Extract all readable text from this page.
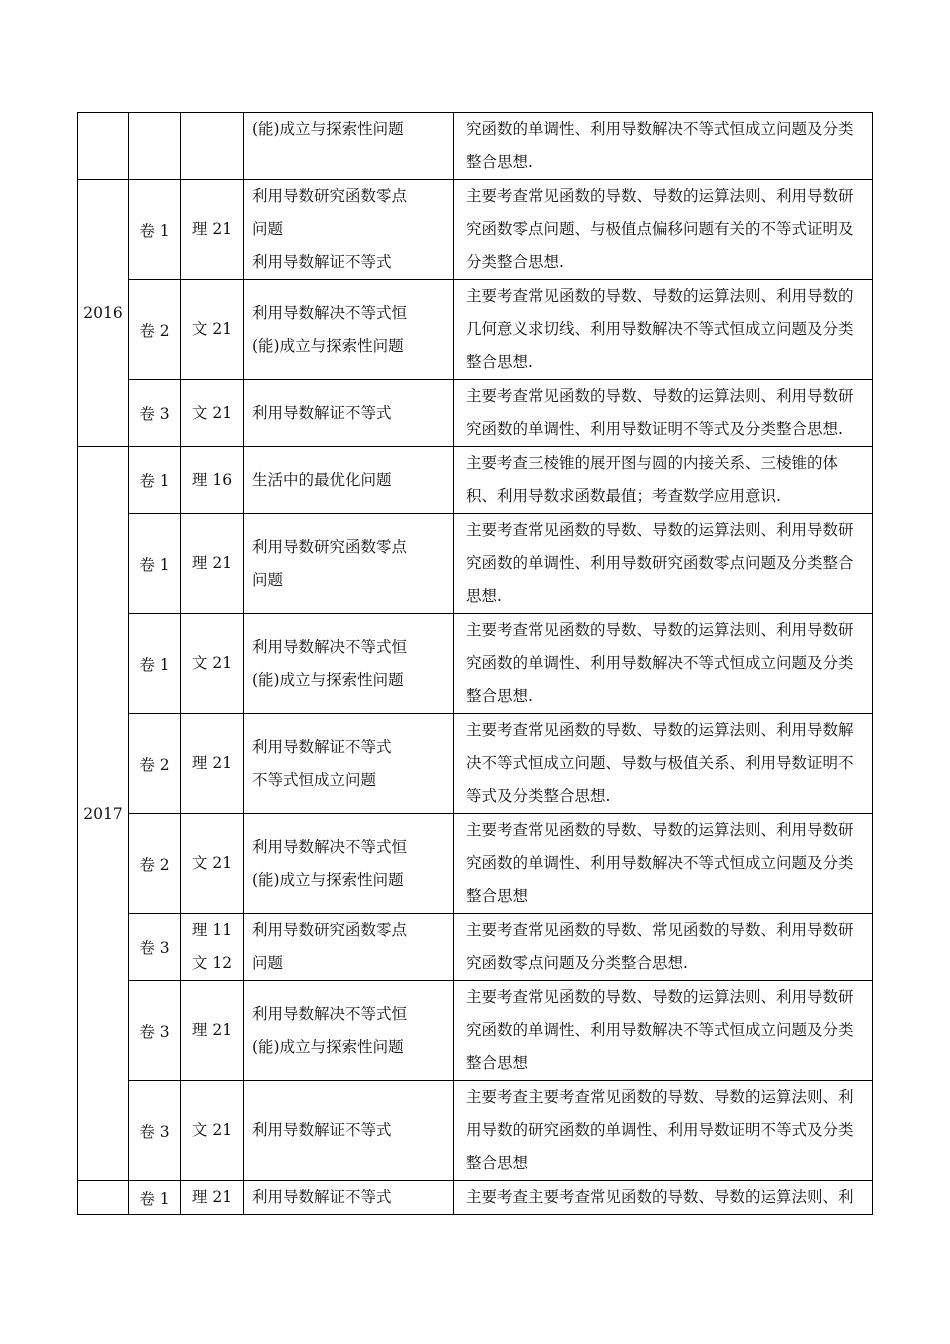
			(能)成立与探索性问题	究函数的单调性、利用导数解决不等式恒成立问题及分类
整合思想.

2016	卷 1	理 21	利用导数研究函数零点
问题
利用导数解证不等式	主要考查常见函数的导数、导数的运算法则、利用导数研
究函数零点问题、与极值点偏移问题有关的不等式证明及
分类整合思想.

	卷 2	文 21	利用导数解决不等式恒
(能)成立与探索性问题	主要考查常见函数的导数、导数的运算法则、利用导数的
几何意义求切线、利用导数解决不等式恒成立问题及分类
整合思想.

	卷 3	文 21	利用导数解证不等式	主要考查常见函数的导数、导数的运算法则、利用导数研
究函数的单调性、利用导数证明不等式及分类整合思想.

2017	卷 1	理 16	生活中的最优化问题	主要考查三棱锥的展开图与圆的内接关系、三棱锥的体
积、利用导数求函数最值；考查数学应用意识.

	卷 1	理 21	利用导数研究函数零点
问题	主要考查常见函数的导数、导数的运算法则、利用导数研
究函数的单调性、利用导数研究函数零点问题及分类整合
思想.

	卷 1	文 21	利用导数解决不等式恒
(能)成立与探索性问题	主要考查常见函数的导数、导数的运算法则、利用导数研
究函数的单调性、利用导数解决不等式恒成立问题及分类
整合思想.

	卷 2	理 21	利用导数解证不等式
不等式恒成立问题	主要考查常见函数的导数、导数的运算法则、利用导数解
决不等式恒成立问题、导数与极值关系、利用导数证明不
等式及分类整合思想.

	卷 2	文 21	利用导数解决不等式恒
(能)成立与探索性问题	主要考查常见函数的导数、导数的运算法则、利用导数研
究函数的单调性、利用导数解决不等式恒成立问题及分类
整合思想

	卷 3	理 11
文 12	利用导数研究函数零点
问题	主要考查常见函数的导数、常见函数的导数、利用导数研
究函数零点问题及分类整合思想.

	卷 3	理 21	利用导数解决不等式恒
(能)成立与探索性问题	主要考查常见函数的导数、导数的运算法则、利用导数研
究函数的单调性、利用导数解决不等式恒成立问题及分类
整合思想

	卷 3	文 21	利用导数解证不等式	主要考查主要考查常见函数的导数、导数的运算法则、利
用导数的研究函数的单调性、利用导数证明不等式及分类
整合思想

	卷 1	理 21	利用导数解证不等式	主要考查主要考查常见函数的导数、导数的运算法则、利
